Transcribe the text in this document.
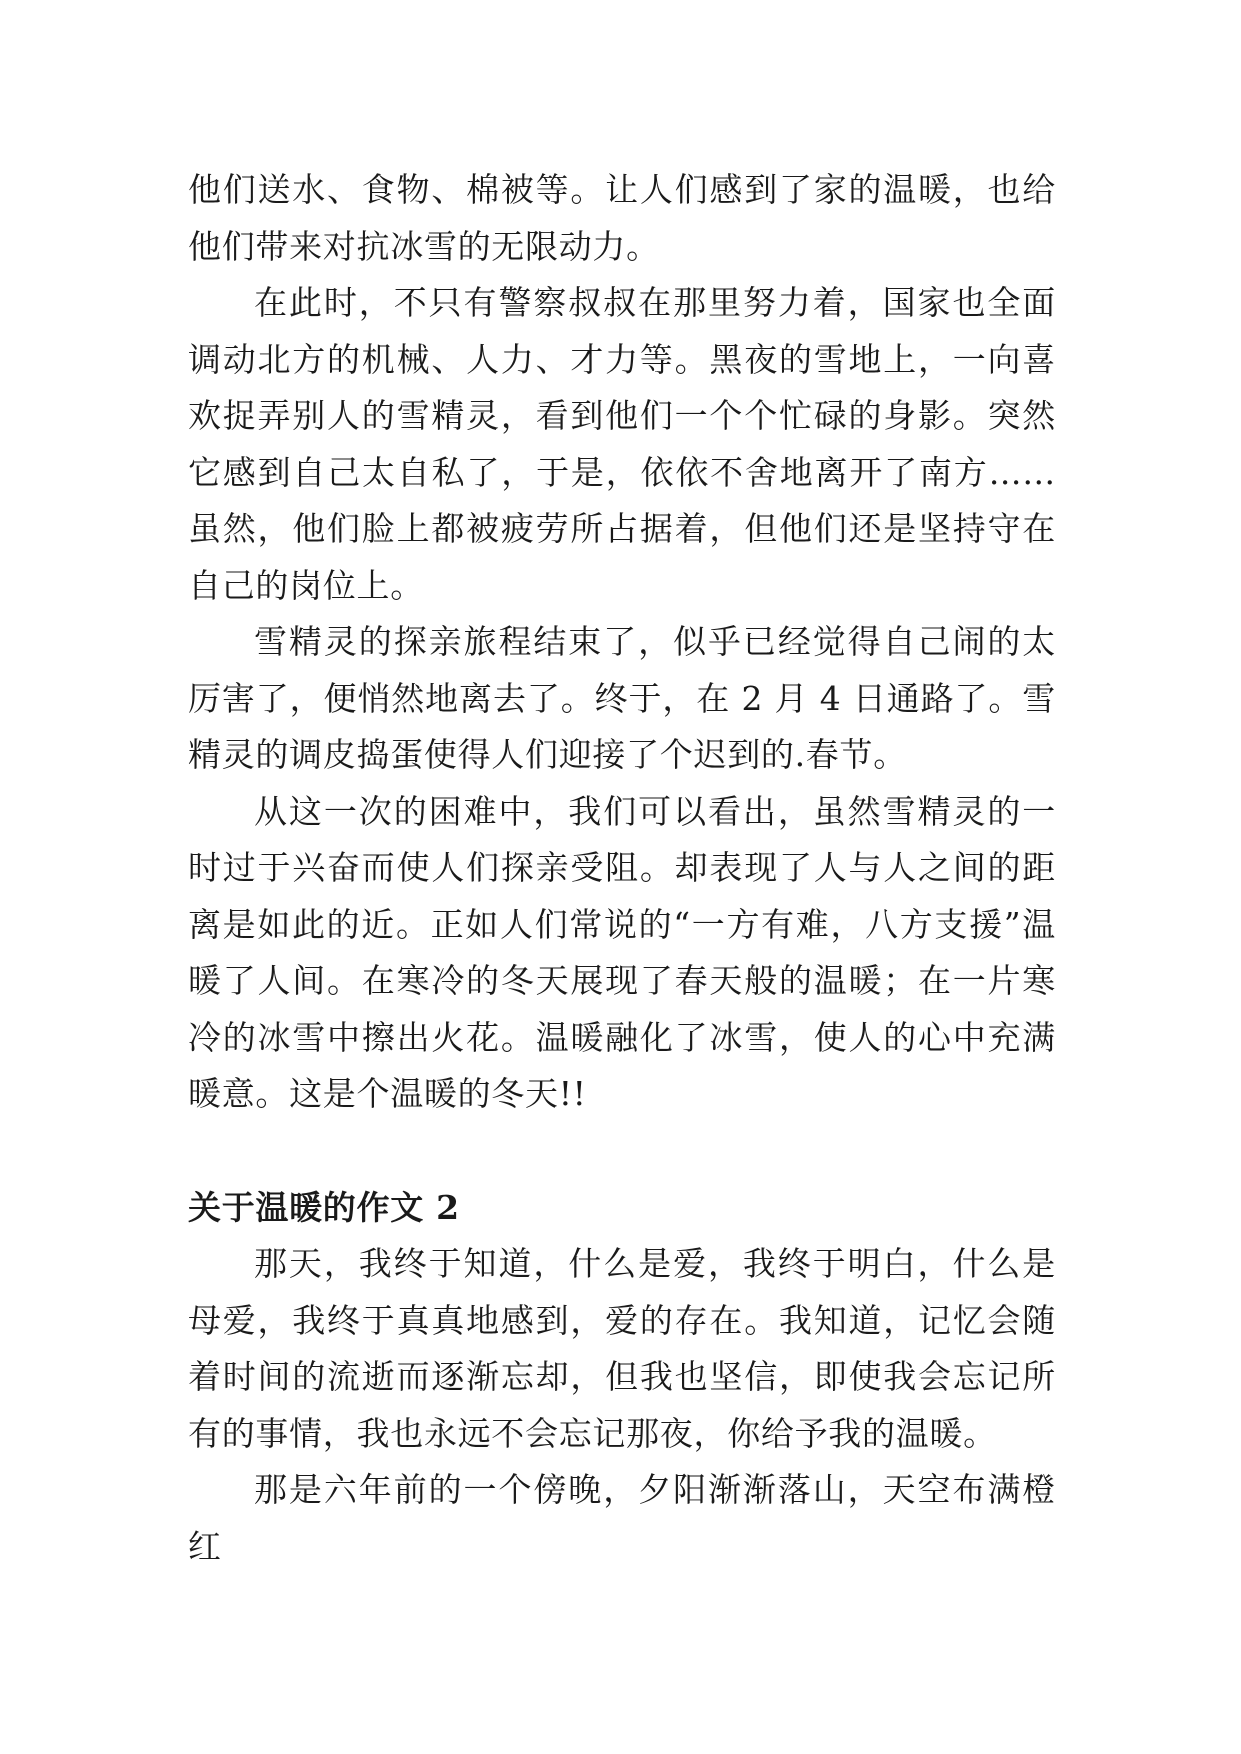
他们送水、食物、棉被等。让人们感到了家的温暖，也给他们带来对抗冰雪的无限动力。

在此时，不只有警察叔叔在那里努力着，国家也全面调动北方的机械、人力、才力等。黑夜的雪地上，一向喜欢捉弄别人的雪精灵，看到他们一个个忙碌的身影。突然它感到自己太自私了，于是，依依不舍地离开了南方……虽然，他们脸上都被疲劳所占据着，但他们还是坚持守在自己的岗位上。

雪精灵的探亲旅程结束了，似乎已经觉得自己闹的太厉害了，便悄然地离去了。终于，在 2 月 4 日通路了。雪精灵的调皮捣蛋使得人们迎接了个迟到的.春节。

从这一次的困难中，我们可以看出，虽然雪精灵的一时过于兴奋而使人们探亲受阻。却表现了人与人之间的距离是如此的近。正如人们常说的“一方有难，八方支援”温暖了人间。在寒冷的冬天展现了春天般的温暖；在一片寒冷的冰雪中擦出火花。温暖融化了冰雪，使人的心中充满暖意。这是个温暖的冬天!!

关于温暖的作文 2

那天，我终于知道，什么是爱，我终于明白，什么是母爱，我终于真真地感到，爱的存在。我知道，记忆会随着时间的流逝而逐渐忘却，但我也坚信，即使我会忘记所有的事情，我也永远不会忘记那夜，你给予我的温暖。

那是六年前的一个傍晚，夕阳渐渐落山，天空布满橙红
